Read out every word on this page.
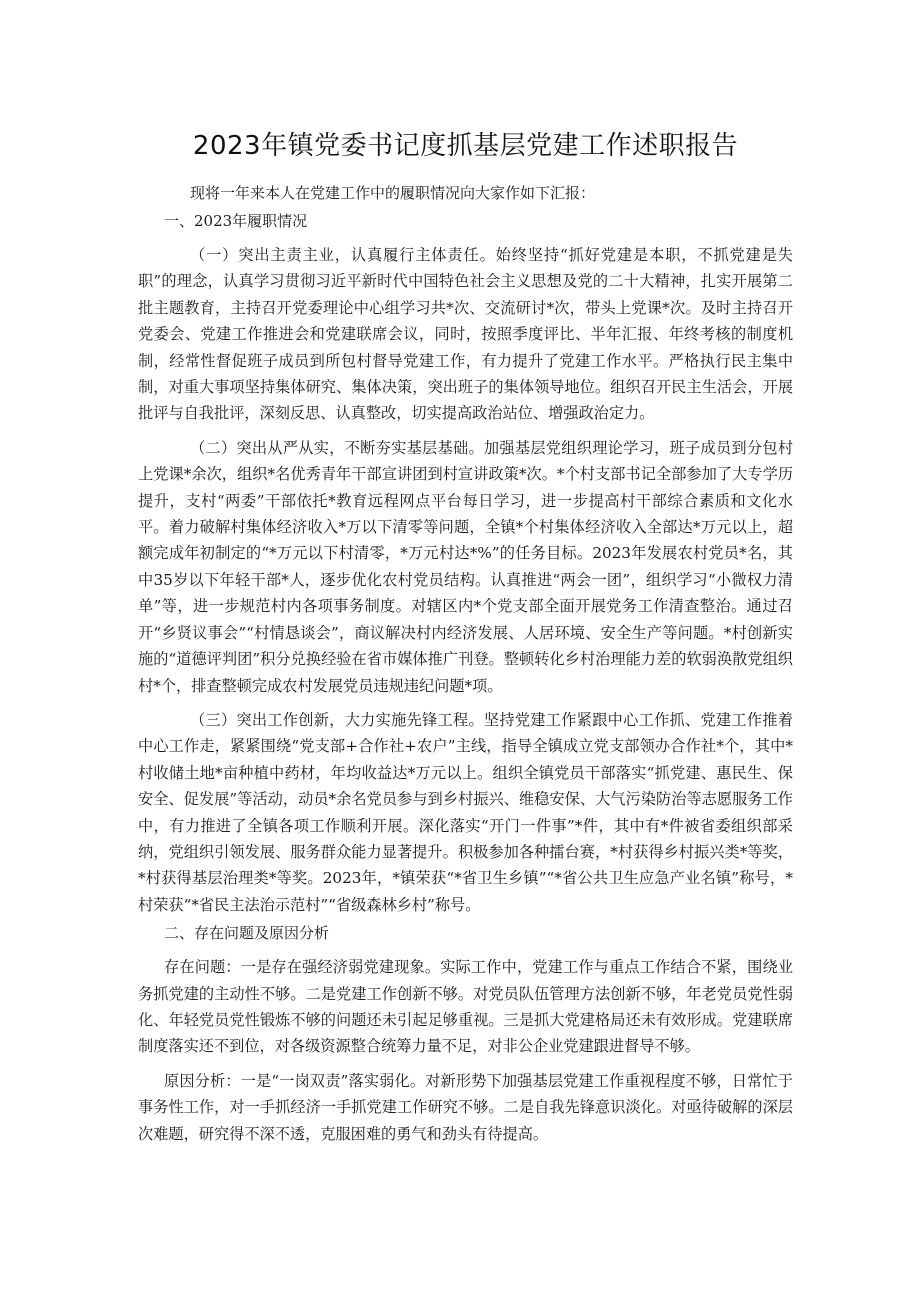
2023年镇党委书记度抓基层党建工作述职报告

现将一年来本人在党建工作中的履职情况向大家作如下汇报：

一、2023年履职情况

（一）突出主责主业，认真履行主体责任。始终坚持“抓好党建是本职，不抓党建是失职”的理念，认真学习贯彻习近平新时代中国特色社会主义思想及党的二十大精神，扎实开展第二批主题教育，主持召开党委理论中心组学习共*次、交流研讨*次，带头上党课*次。及时主持召开党委会、党建工作推进会和党建联席会议，同时，按照季度评比、半年汇报、年终考核的制度机制，经常性督促班子成员到所包村督导党建工作，有力提升了党建工作水平。严格执行民主集中制，对重大事项坚持集体研究、集体决策，突出班子的集体领导地位。组织召开民主生活会，开展批评与自我批评，深刻反思、认真整改，切实提高政治站位、增强政治定力。

（二）突出从严从实，不断夯实基层基础。加强基层党组织理论学习，班子成员到分包村上党课*余次，组织*名优秀青年干部宣讲团到村宣讲政策*次。*个村支部书记全部参加了大专学历提升，支村“两委”干部依托*教育远程网点平台每日学习，进一步提高村干部综合素质和文化水平。着力破解村集体经济收入*万以下清零等问题，全镇*个村集体经济收入全部达*万元以上，超额完成年初制定的“*万元以下村清零，*万元村达*%”的任务目标。2023年发展农村党员*名，其中35岁以下年轻干部*人，逐步优化农村党员结构。认真推进“两会一团”，组织学习“小微权力清单”等，进一步规范村内各项事务制度。对辖区内*个党支部全面开展党务工作清查整治。通过召开“乡贤议事会”“村情恳谈会”，商议解决村内经济发展、人居环境、安全生产等问题。*村创新实施的“道德评判团”积分兑换经验在省市媒体推广刊登。整顿转化乡村治理能力差的软弱涣散党组织村*个，排查整顿完成农村发展党员违规违纪问题*项。

（三）突出工作创新，大力实施先锋工程。坚持党建工作紧跟中心工作抓、党建工作推着中心工作走，紧紧围绕“党支部+合作社+农户”主线，指导全镇成立党支部领办合作社*个，其中*村收储土地*亩种植中药材，年均收益达*万元以上。组织全镇党员干部落实“抓党建、惠民生、保安全、促发展”等活动，动员*余名党员参与到乡村振兴、维稳安保、大气污染防治等志愿服务工作中，有力推进了全镇各项工作顺利开展。深化落实“开门一件事”*件，其中有*件被省委组织部采纳，党组织引领发展、服务群众能力显著提升。积极参加各种擂台赛，*村获得乡村振兴类*等奖，*村获得基层治理类*等奖。2023年，*镇荣获“*省卫生乡镇”“*省公共卫生应急产业名镇”称号，*村荣获“*省民主法治示范村”“省级森林乡村”称号。

二、存在问题及原因分析

存在问题：一是存在强经济弱党建现象。实际工作中，党建工作与重点工作结合不紧，围绕业务抓党建的主动性不够。二是党建工作创新不够。对党员队伍管理方法创新不够，年老党员党性弱化、年轻党员党性锻炼不够的问题还未引起足够重视。三是抓大党建格局还未有效形成。党建联席制度落实还不到位，对各级资源整合统筹力量不足，对非公企业党建跟进督导不够。

原因分析：一是“一岗双责”落实弱化。对新形势下加强基层党建工作重视程度不够，日常忙于事务性工作，对一手抓经济一手抓党建工作研究不够。二是自我先锋意识淡化。对亟待破解的深层次难题，研究得不深不透，克服困难的勇气和劲头有待提高。
